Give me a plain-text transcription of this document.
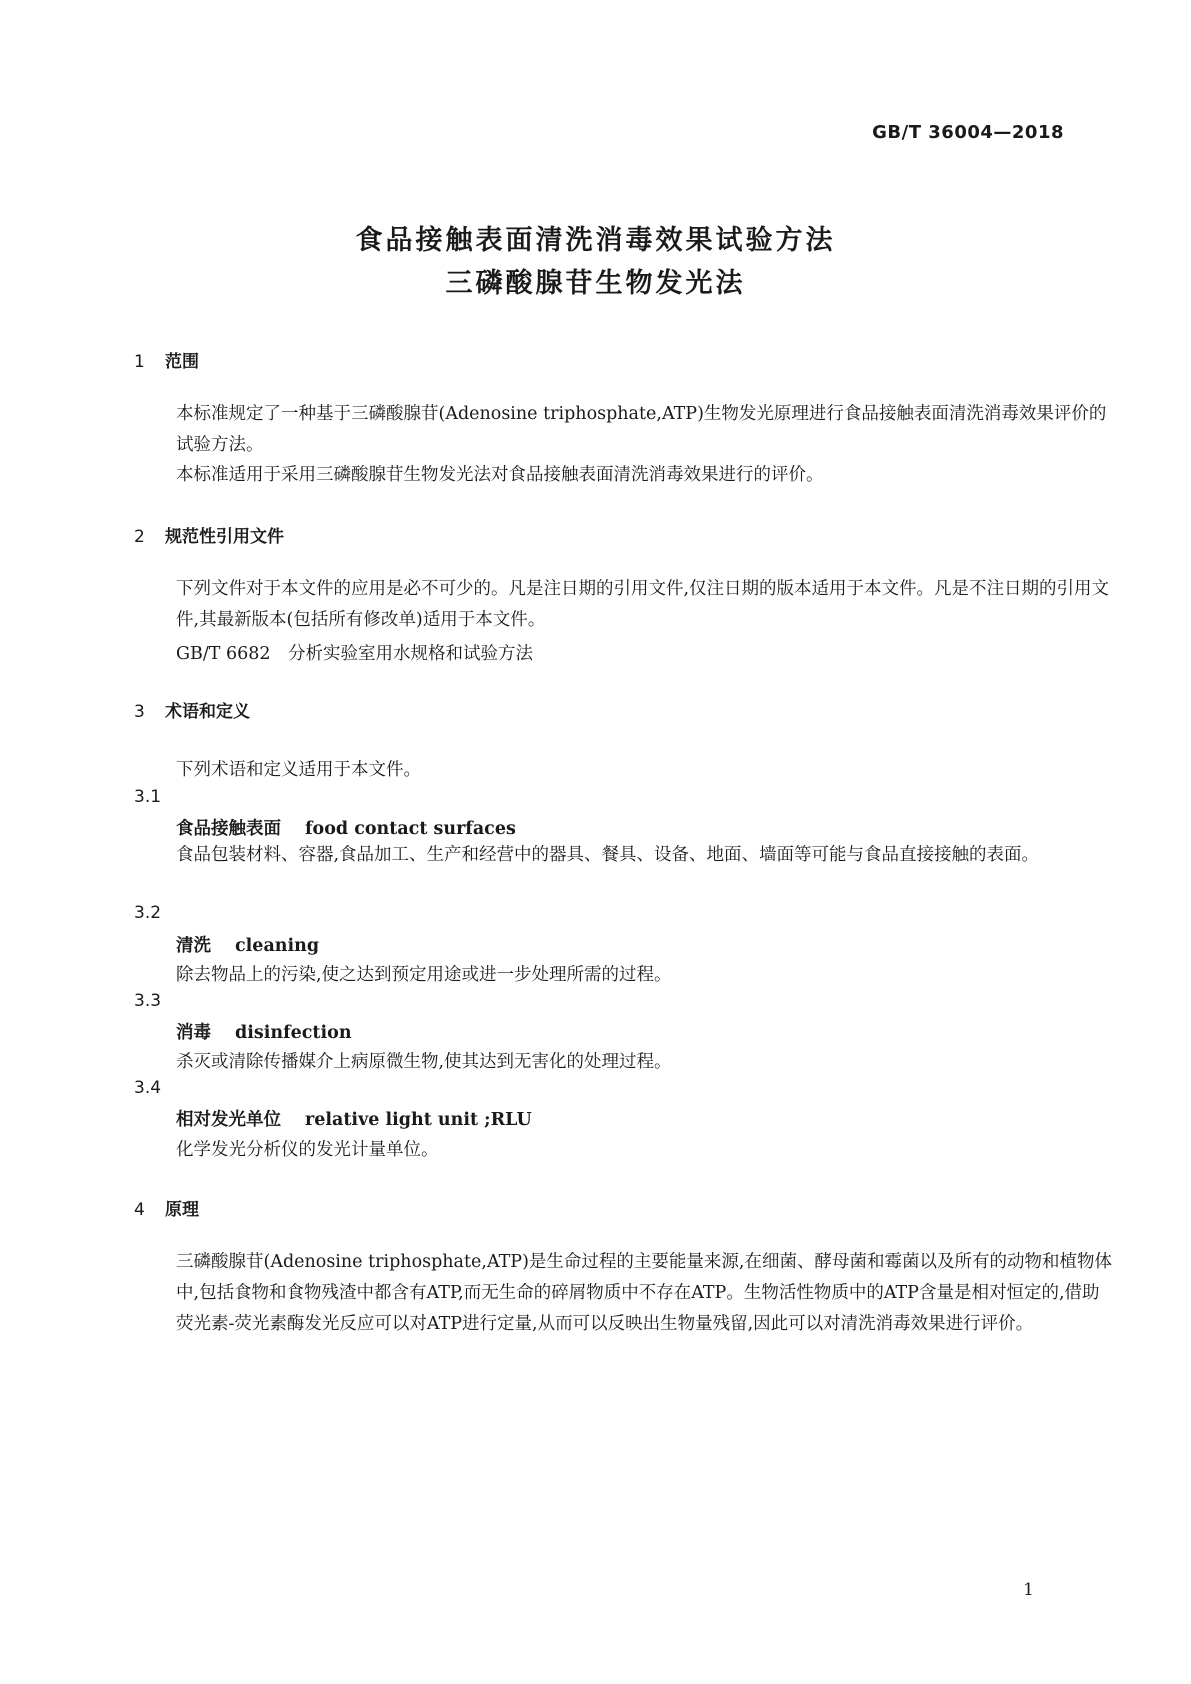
GB/T 36004—2018
食品接触表面清洗消毒效果试验方法
三磷酸腺苷生物发光法
1 范围
本标准规定了一种基于三磷酸腺苷(Adenosine triphosphate,ATP)生物发光原理进行食品接触表面清洗消毒效果评价的试验方法。
本标准适用于采用三磷酸腺苷生物发光法对食品接触表面清洗消毒效果进行的评价。
2 规范性引用文件
下列文件对于本文件的应用是必不可少的。凡是注日期的引用文件,仅注日期的版本适用于本文件。凡是不注日期的引用文件,其最新版本(包括所有修改单)适用于本文件。
GB/T 6682　分析实验室用水规格和试验方法
3 术语和定义
下列术语和定义适用于本文件。
3.1
食品接触表面 food contact surfaces
食品包装材料、容器,食品加工、生产和经营中的器具、餐具、设备、地面、墙面等可能与食品直接接触的表面。
3.2
清洗 cleaning
除去物品上的污染,使之达到预定用途或进一步处理所需的过程。
3.3
消毒 disinfection
杀灭或清除传播媒介上病原微生物,使其达到无害化的处理过程。
3.4
相对发光单位 relative light unit ;RLU
化学发光分析仪的发光计量单位。
4 原理
三磷酸腺苷(Adenosine triphosphate,ATP)是生命过程的主要能量来源,在细菌、酵母菌和霉菌以及所有的动物和植物体中,包括食物和食物残渣中都含有ATP,而无生命的碎屑物质中不存在ATP。生物活性物质中的ATP含量是相对恒定的,借助荧光素-荧光素酶发光反应可以对ATP进行定量,从而可以反映出生物量残留,因此可以对清洗消毒效果进行评价。
1
